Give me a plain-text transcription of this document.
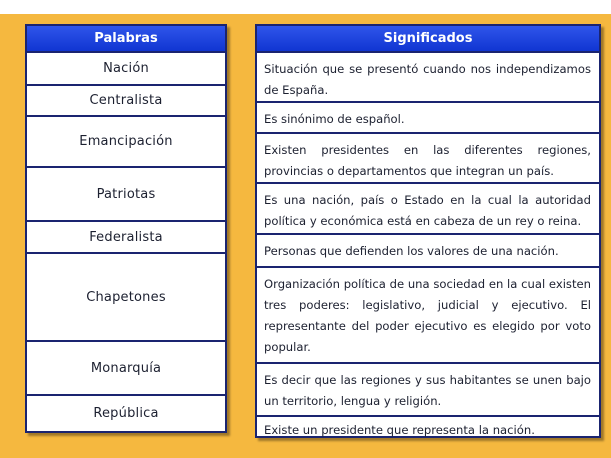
Palabras
Nación
Centralista
Emancipación
Patriotas
Federalista
Chapetones
Monarquía
República
Significados
Situación que se presentó cuando nos independizamos de España.
Es sinónimo de español.
Existen presidentes en las diferentes regiones, provincias o departamentos que integran un país.
Es una nación, país o Estado en la cual la autoridad política y económica está en cabeza de un rey o reina.
Personas que defienden los valores de una nación.
Organización política de una sociedad en la cual existen tres poderes: legislativo, judicial y ejecutivo. El representante del poder ejecutivo es elegido por voto popular.
Es decir que las regiones y sus habitantes se unen bajo un territorio, lengua y religión.
Existe un presidente que representa la nación.
